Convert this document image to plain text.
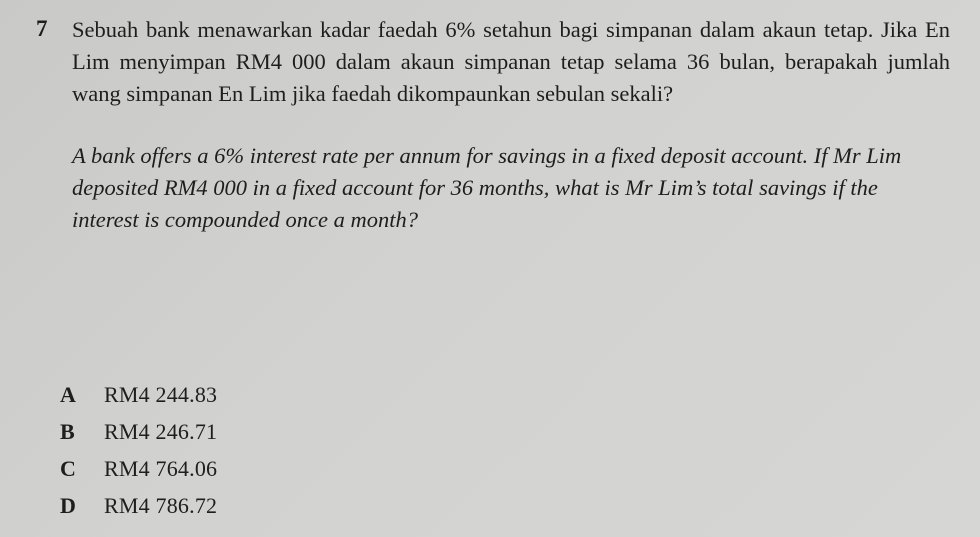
7 Sebuah bank menawarkan kadar faedah 6% setahun bagi simpanan dalam akaun tetap. Jika En Lim menyimpan RM4 000 dalam akaun simpanan tetap selama 36 bulan, berapakah jumlah wang simpanan En Lim jika faedah dikompaunkan sebulan sekali?

A bank offers a 6% interest rate per annum for savings in a fixed deposit account. If Mr Lim deposited RM4 000 in a fixed account for 36 months, what is Mr Lim’s total savings if the interest is compounded once a month?

A	RM4 244.83
B	RM4 246.71
C	RM4 764.06
D	RM4 786.72
